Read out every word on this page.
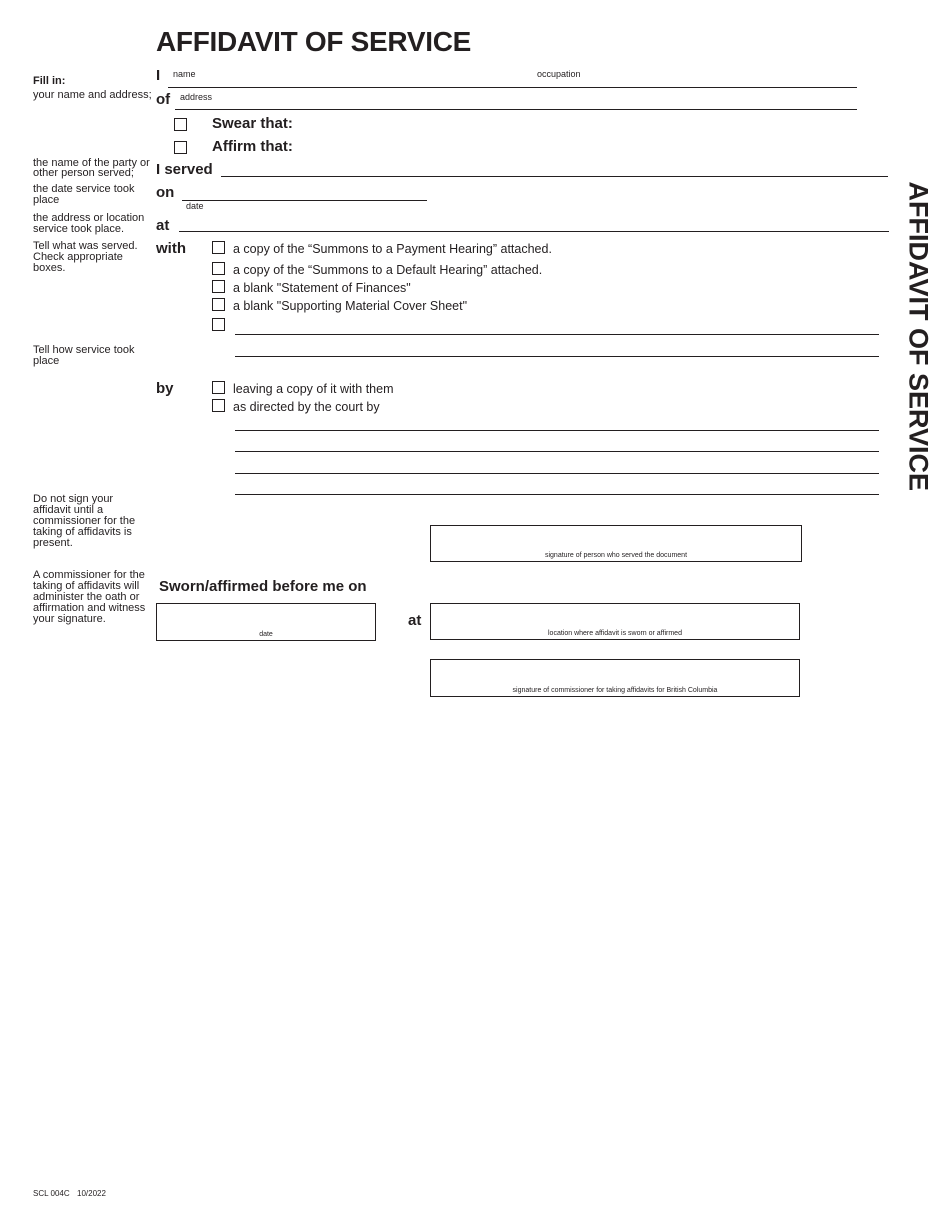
AFFIDAVIT OF SERVICE
AFFIDAVIT OF SERVICE
Fill in:
your name and address;
the name of the party or
other person served;
the date service took
place
the address or location
service took place.
Tell what was served.
Check appropriate
boxes.
Tell how service took
place
Do not sign your
affidavit until a
commissioner for the
taking of affidavits is
present.
A commissioner for the
taking of affidavits will
administer the oath or
affirmation and witness
your signature.
I name	occupation
of address
Swear that:
Affirm that:
I served
on
date
at
with	a copy of the “Summons to a Payment Hearing” attached.
a copy of the “Summons to a Default Hearing” attached.
a blank "Statement of Finances"
a blank "Supporting Material Cover Sheet"
by	leaving a copy of it with them
as directed by the court by
signature of person who served the document
Sworn/affirmed before me on
date
at
location where affidavit is sworn or affirmed
signature of commissioner for taking affidavits for British Columbia
SCL 004C 10/2022
